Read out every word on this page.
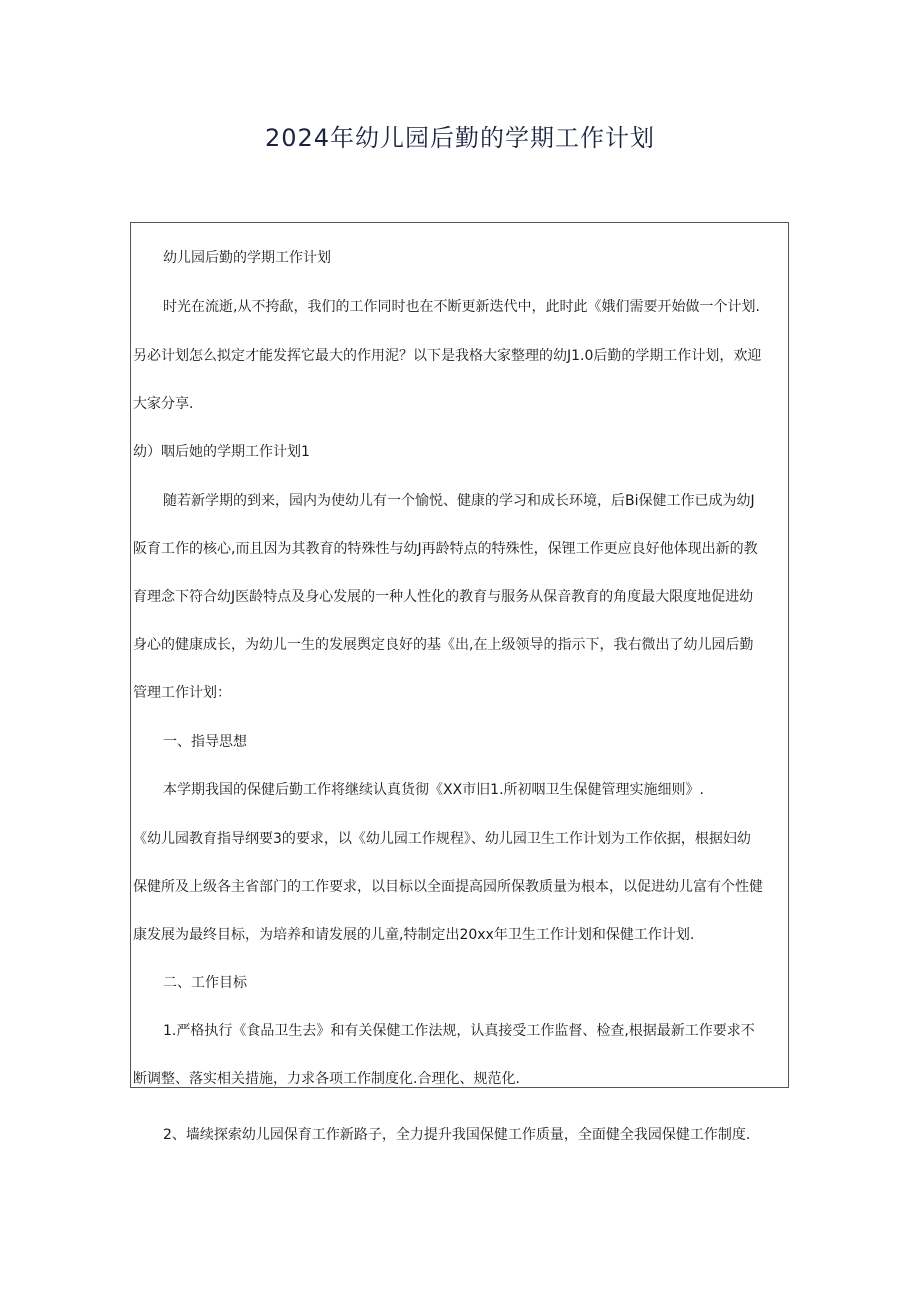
2024年幼儿园后勤的学期工作计划
幼儿园后勤的学期工作计划
时光在流逝,从不挎歃，我们的工作同时也在不断更新迭代中，此时此《娥们需要开始做一个计划.
另必计划怎么拟定才能发挥它最大的作用泥？以下是我格大家整理的幼J1.0后勤的学期工作计划，欢迎
大家分享.
幼）咽后她的学期工作计划1
随若新学期的到来，园内为使幼儿有一个愉悦、健康的学习和成长环境，后Bi保健工作已成为幼J
阪育工作的核心,而且因为其教育的特殊性与幼J再龄特点的特殊性，保锂工作更应良好他体现出新的教
育理念下符合幼J医龄特点及身心发展的一种人性化的教育与服务从保音教育的角度最大限度地促进幼
身心的健康成长，为幼儿一生的发展舆定良好的基《出,在上级领导的指示下，我右微出了幼儿园后勤
管理工作计划：
一、指导思想
本学期我国的保健后勤工作将继续认真货彻《XX市旧1.所初咽卫生保健管理实施细则》.
《幼儿园教育指导纲要3的要求，以《幼儿园工作规程》、幼儿园卫生工作计划为工作依据，根据妇幼
保健所及上级各主省部门的工作要求，以目标以全面提高园所保教质量为根本，以促进幼儿富有个性健
康发展为最终目标，为培养和请发展的儿童,特制定出20xx年卫生工作计划和保健工作计划.
二、工作目标
1.严格执行《食品卫生去》和有关保健工作法规，认真接受工作监督、检查,根据最新工作要求不
断调整、落实相关措施，力求各项工作制度化.合理化、规范化.
2、墙续探索幼儿园保育工作新路子，全力提升我国保健工作质量，全面健全我园保健工作制度.
